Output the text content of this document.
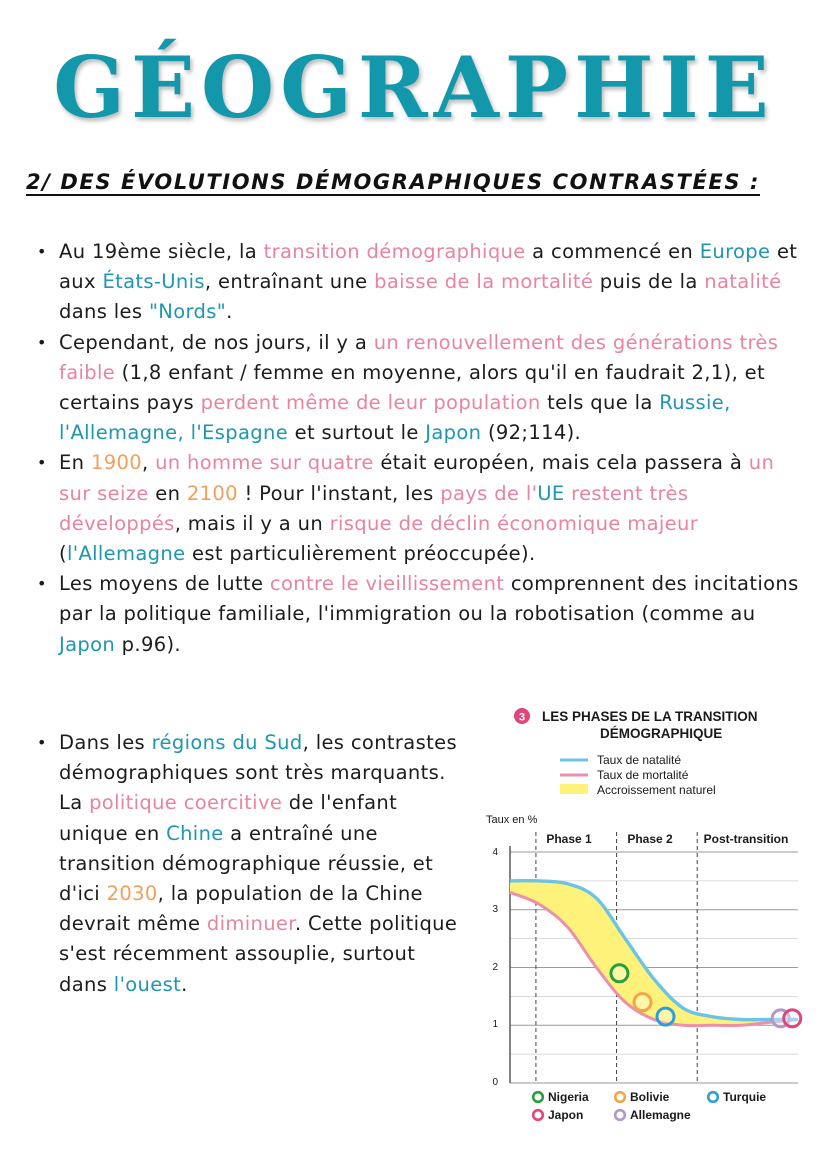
GÉOGRAPHIE
2/ DES ÉVOLUTIONS DÉMOGRAPHIQUES CONTRASTÉES :
• Au 19ème siècle, la transition démographique a commencé en Europe et aux États-Unis, entraînant une baisse de la mortalité puis de la natalité dans les "Nords".
• Cependant, de nos jours, il y a un renouvellement des générations très faible (1,8 enfant / femme en moyenne, alors qu'il en faudrait 2,1), et certains pays perdent même de leur population tels que la Russie, l'Allemagne, l'Espagne et surtout le Japon (92;114).
• En 1900, un homme sur quatre était européen, mais cela passera à un sur seize en 2100 ! Pour l'instant, les pays de l'UE restent très développés, mais il y a un risque de déclin économique majeur (l'Allemagne est particulièrement préoccupée).
• Les moyens de lutte contre le vieillissement comprennent des incitations par la politique familiale, l'immigration ou la robotisation (comme au Japon p.96).
• Dans les régions du Sud, les contrastes démographiques sont très marquants. La politique coercitive de l'enfant unique en Chine a entraîné une transition démographique réussie, et d'ici 2030, la population de la Chine devrait même diminuer. Cette politique s'est récemment assouplie, surtout dans l'ouest.
3 LES PHASES DE LA TRANSITION
DÉMOGRAPHIQUE
Taux de natalité
Taux de mortalité
Accroissement naturel
Taux en %
Phase 1	Phase 2	Post-transition
4
3
2
1
0
Nigeria	Bolivie	Turquie
Japon	Allemagne
